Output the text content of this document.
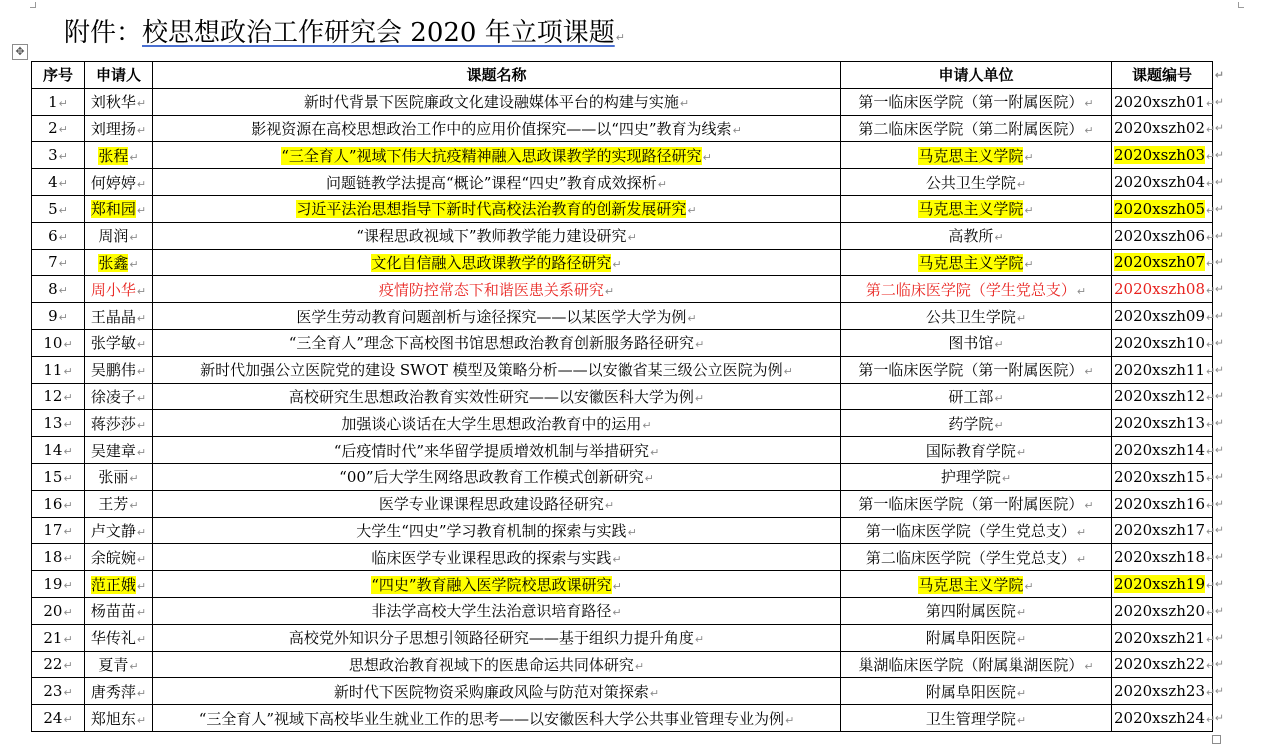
附件：校思想政治工作研究会 2020 年立项课题↵
✥
序号	申请人	课题名称	申请人单位	课题编号 ↵

1↵	刘秋华↵	新时代背景下医院廉政文化建设融媒体平台的构建与实施↵	第一临床医学院（第一附属医院）↵	2020xszh01↵ ↵

2↵	刘理扬↵	影视资源在高校思想政治工作中的应用价值探究——以“四史”教育为线索↵	第二临床医学院（第二附属医院）↵	2020xszh02↵ ↵

3↵	张程↵	“三全育人”视域下伟大抗疫精神融入思政课教学的实现路径研究↵	马克思主义学院↵	2020xszh03↵ ↵

4↵	何婷婷↵	问题链教学法提高“概论”课程“四史”教育成效探析↵	公共卫生学院↵	2020xszh04↵ ↵

5↵	郑和园↵	习近平法治思想指导下新时代高校法治教育的创新发展研究↵	马克思主义学院↵	2020xszh05↵ ↵

6↵	周润↵	“课程思政视域下”教师教学能力建设研究↵	高教所↵	2020xszh06↵ ↵

7↵	张鑫↵	文化自信融入思政课教学的路径研究↵	马克思主义学院↵	2020xszh07↵ ↵

8↵	周小华↵	疫情防控常态下和谐医患关系研究↵	第二临床医学院（学生党总支）↵	2020xszh08↵ ↵

9↵	王晶晶↵	医学生劳动教育问题剖析与途径探究——以某医学大学为例↵	公共卫生学院↵	2020xszh09↵ ↵

10↵	张学敏↵	“三全育人”理念下高校图书馆思想政治教育创新服务路径研究↵	图书馆↵	2020xszh10↵ ↵

11↵	吴鹏伟↵	新时代加强公立医院党的建设 SWOT 模型及策略分析——以安徽省某三级公立医院为例↵	第一临床医学院（第一附属医院）↵	2020xszh11↵ ↵

12↵	徐凌子↵	高校研究生思想政治教育实效性研究——以安徽医科大学为例↵	研工部↵	2020xszh12↵ ↵

13↵	蒋莎莎↵	加强谈心谈话在大学生思想政治教育中的运用↵	药学院↵	2020xszh13↵ ↵

14↵	吴建章↵	“后疫情时代”来华留学提质增效机制与举措研究↵	国际教育学院↵	2020xszh14↵ ↵

15↵	张丽↵	“00”后大学生网络思政教育工作模式创新研究↵	护理学院↵	2020xszh15↵ ↵

16↵	王芳↵	医学专业课课程思政建设路径研究↵	第一临床医学院（第一附属医院）↵	2020xszh16↵ ↵

17↵	卢文静↵	大学生“四史”学习教育机制的探索与实践↵	第一临床医学院（学生党总支）↵	2020xszh17↵ ↵

18↵	余皖婉↵	临床医学专业课程思政的探索与实践↵	第二临床医学院（学生党总支）↵	2020xszh18↵ ↵

19↵	范正娥↵	“四史”教育融入医学院校思政课研究↵	马克思主义学院↵	2020xszh19↵ ↵

20↵	杨苗苗↵	非法学高校大学生法治意识培育路径↵	第四附属医院↵	2020xszh20↵ ↵

21↵	华传礼↵	高校党外知识分子思想引领路径研究——基于组织力提升角度↵	附属阜阳医院↵	2020xszh21↵ ↵

22↵	夏青↵	思想政治教育视域下的医患命运共同体研究↵	巢湖临床医学院（附属巢湖医院）↵	2020xszh22↵ ↵

23↵	唐秀萍↵	新时代下医院物资采购廉政风险与防范对策探索↵	附属阜阳医院↵	2020xszh23↵ ↵

24↵	郑旭东↵	“三全育人”视域下高校毕业生就业工作的思考——以安徽医科大学公共事业管理专业为例↵	卫生管理学院↵	2020xszh24↵ ↵
